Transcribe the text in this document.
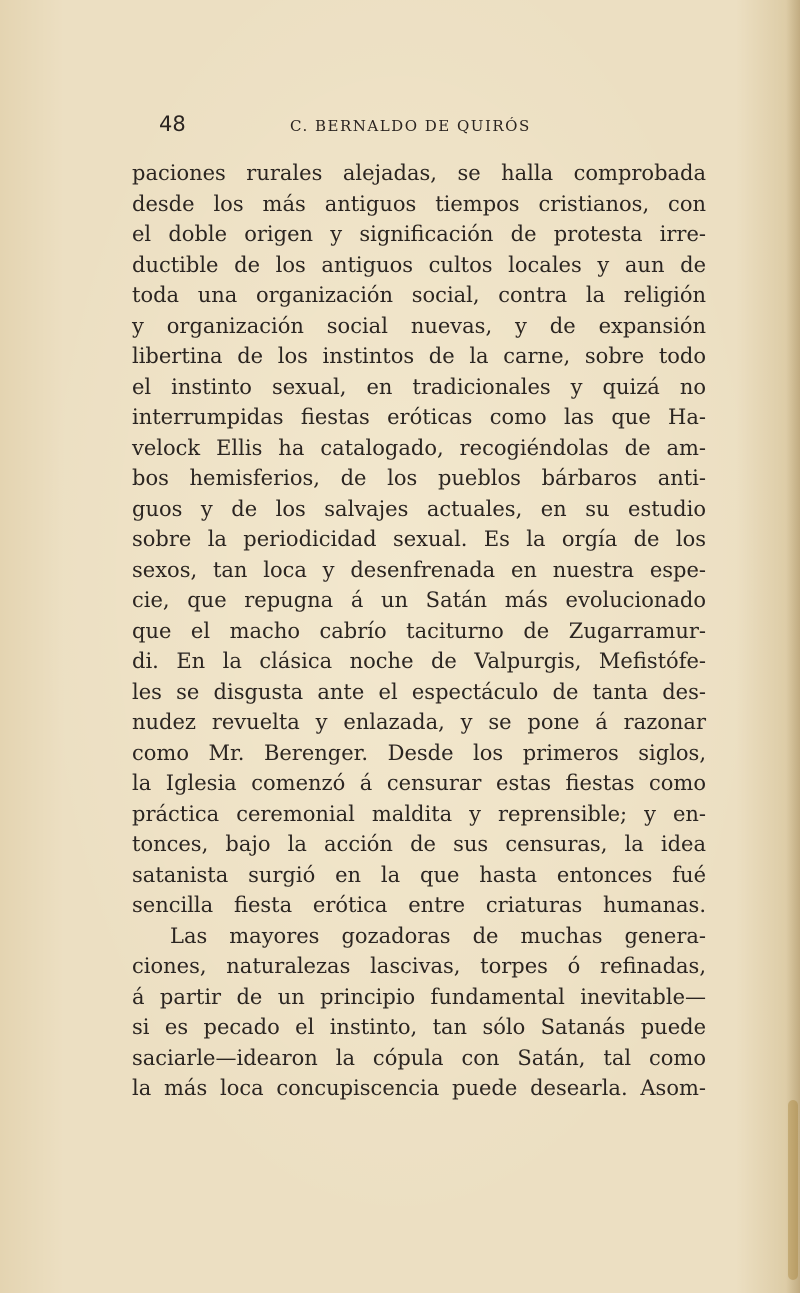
48	C. BERNALDO DE QUIRÓS
paciones rurales alejadas, se halla comprobada
desde los más antiguos tiempos cristianos, con
el doble origen y significación de protesta irre-
ductible de los antiguos cultos locales y aun de
toda una organización social, contra la religión
y organización social nuevas, y de expansión
libertina de los instintos de la carne, sobre todo
el instinto sexual, en tradicionales y quizá no
interrumpidas fiestas eróticas como las que Ha-
velock Ellis ha catalogado, recogiéndolas de am-
bos hemisferios, de los pueblos bárbaros anti-
guos y de los salvajes actuales, en su estudio
sobre la periodicidad sexual. Es la orgía de los
sexos, tan loca y desenfrenada en nuestra espe-
cie, que repugna á un Satán más evolucionado
que el macho cabrío taciturno de Zugarramur-
di. En la clásica noche de Valpurgis, Mefistófe-
les se disgusta ante el espectáculo de tanta des-
nudez revuelta y enlazada, y se pone á razonar
como Mr. Berenger. Desde los primeros siglos,
la Iglesia comenzó á censurar estas fiestas como
práctica ceremonial maldita y reprensible; y en-
tonces, bajo la acción de sus censuras, la idea
satanista surgió en la que hasta entonces fué
sencilla fiesta erótica entre criaturas humanas.
Las mayores gozadoras de muchas genera-
ciones, naturalezas lascivas, torpes ó refinadas,
á partir de un principio fundamental inevitable—
si es pecado el instinto, tan sólo Satanás puede
saciarle—idearon la cópula con Satán, tal como
la más loca concupiscencia puede desearla. Asom-
